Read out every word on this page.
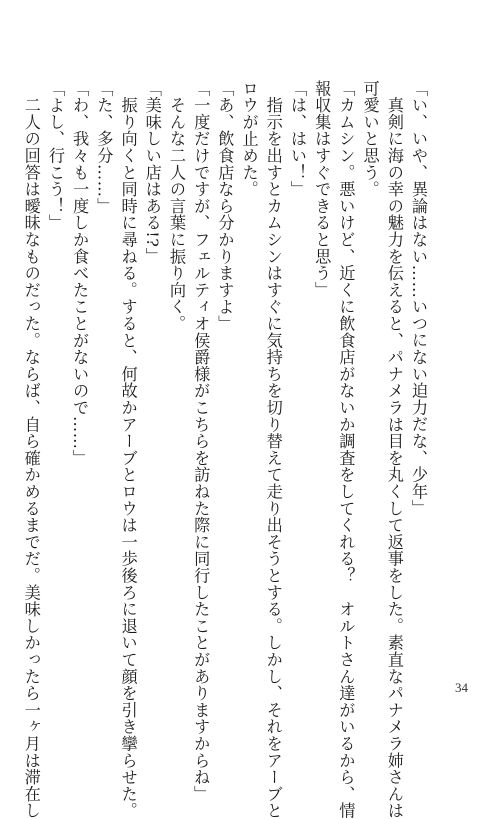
「い、いや、異論はない……いつにない迫力だな、少年」
　真剣に海の幸の魅力を伝えると、パナメラは目を丸くして返事をした。素直なパナメラ姉さんは
可愛いと思う。
「カムシン。悪いけど、近くに飲食店がないか調査をしてくれる？　オルトさん達がいるから、情
報収集はすぐできると思う」
「は、はい！」
　指示を出すとカムシンはすぐに気持ちを切り替えて走り出そうとする。しかし、それをアーブと
ロウが止めた。
「あ、飲食店なら分かりますよ」
「一度だけですが、フェルティオ侯爵様がこちらを訪ねた際に同行したことがありますからね」
　そんな二人の言葉に振り向く。
「美味しい店はある!?」
　振り向くと同時に尋ねる。すると、何故かアーブとロウは一歩後ろに退いて顔を引き攣らせた。
「た、多分……」
「わ、我々も一度しか食べたことがないので……」
「よし、行こう！」
　二人の回答は曖昧なものだった。ならば、自ら確かめるまでだ。美味しかったら一ヶ月は滞在し	34
